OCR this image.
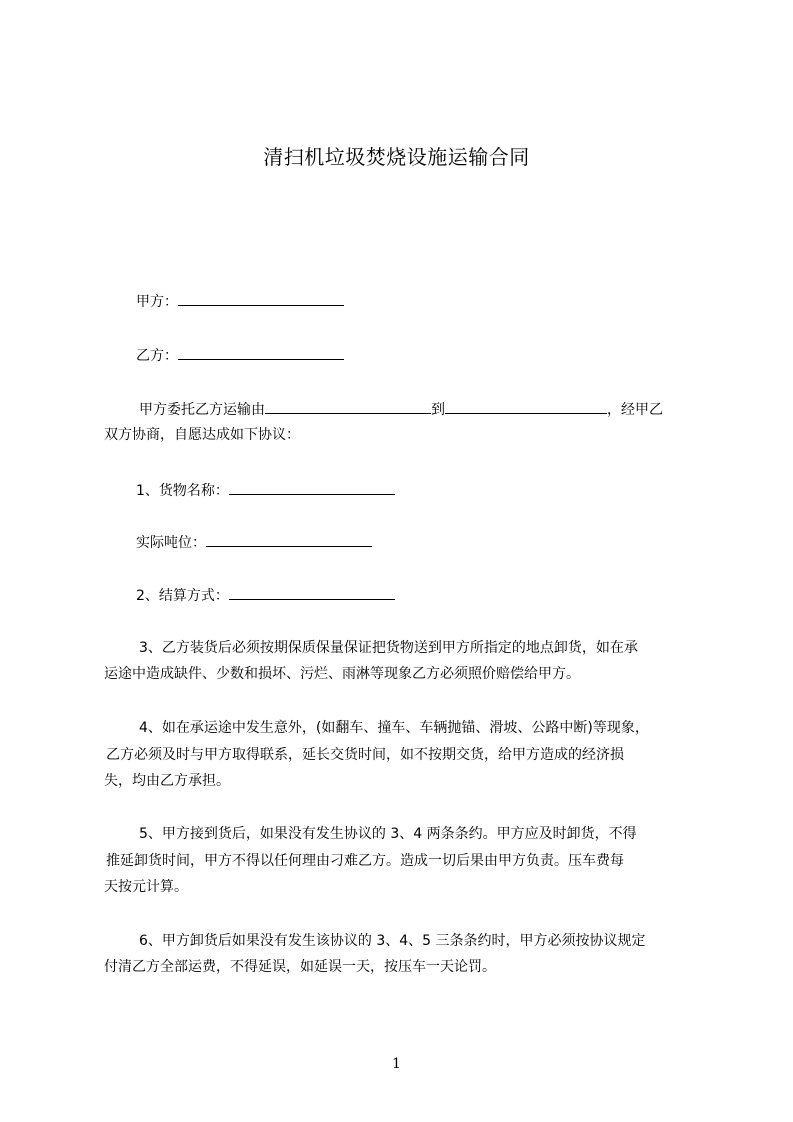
清扫机垃圾焚烧设施运输合同
甲方：
乙方：
甲方委托乙方运输由	到	，经甲乙
双方协商，自愿达成如下协议：
1、货物名称：
实际吨位：
2、结算方式：
3、乙方装货后必须按期保质保量保证把货物送到甲方所指定的地点卸货，如在承
运途中造成缺件、少数和损坏、污烂、雨淋等现象乙方必须照价赔偿给甲方。
4、如在承运途中发生意外，(如翻车、撞车、车辆抛锚、滑坡、公路中断)等现象，
乙方必须及时与甲方取得联系，延长交货时间，如不按期交货，给甲方造成的经济损
失，均由乙方承担。
5、甲方接到货后，如果没有发生协议的 3、4 两条条约。甲方应及时卸货，不得
推延卸货时间，甲方不得以任何理由刁难乙方。造成一切后果由甲方负责。压车费每
天按元计算。
6、甲方卸货后如果没有发生该协议的 3、4、5 三条条约时，甲方必须按协议规定
付清乙方全部运费，不得延误，如延误一天，按压车一天论罚。
1
